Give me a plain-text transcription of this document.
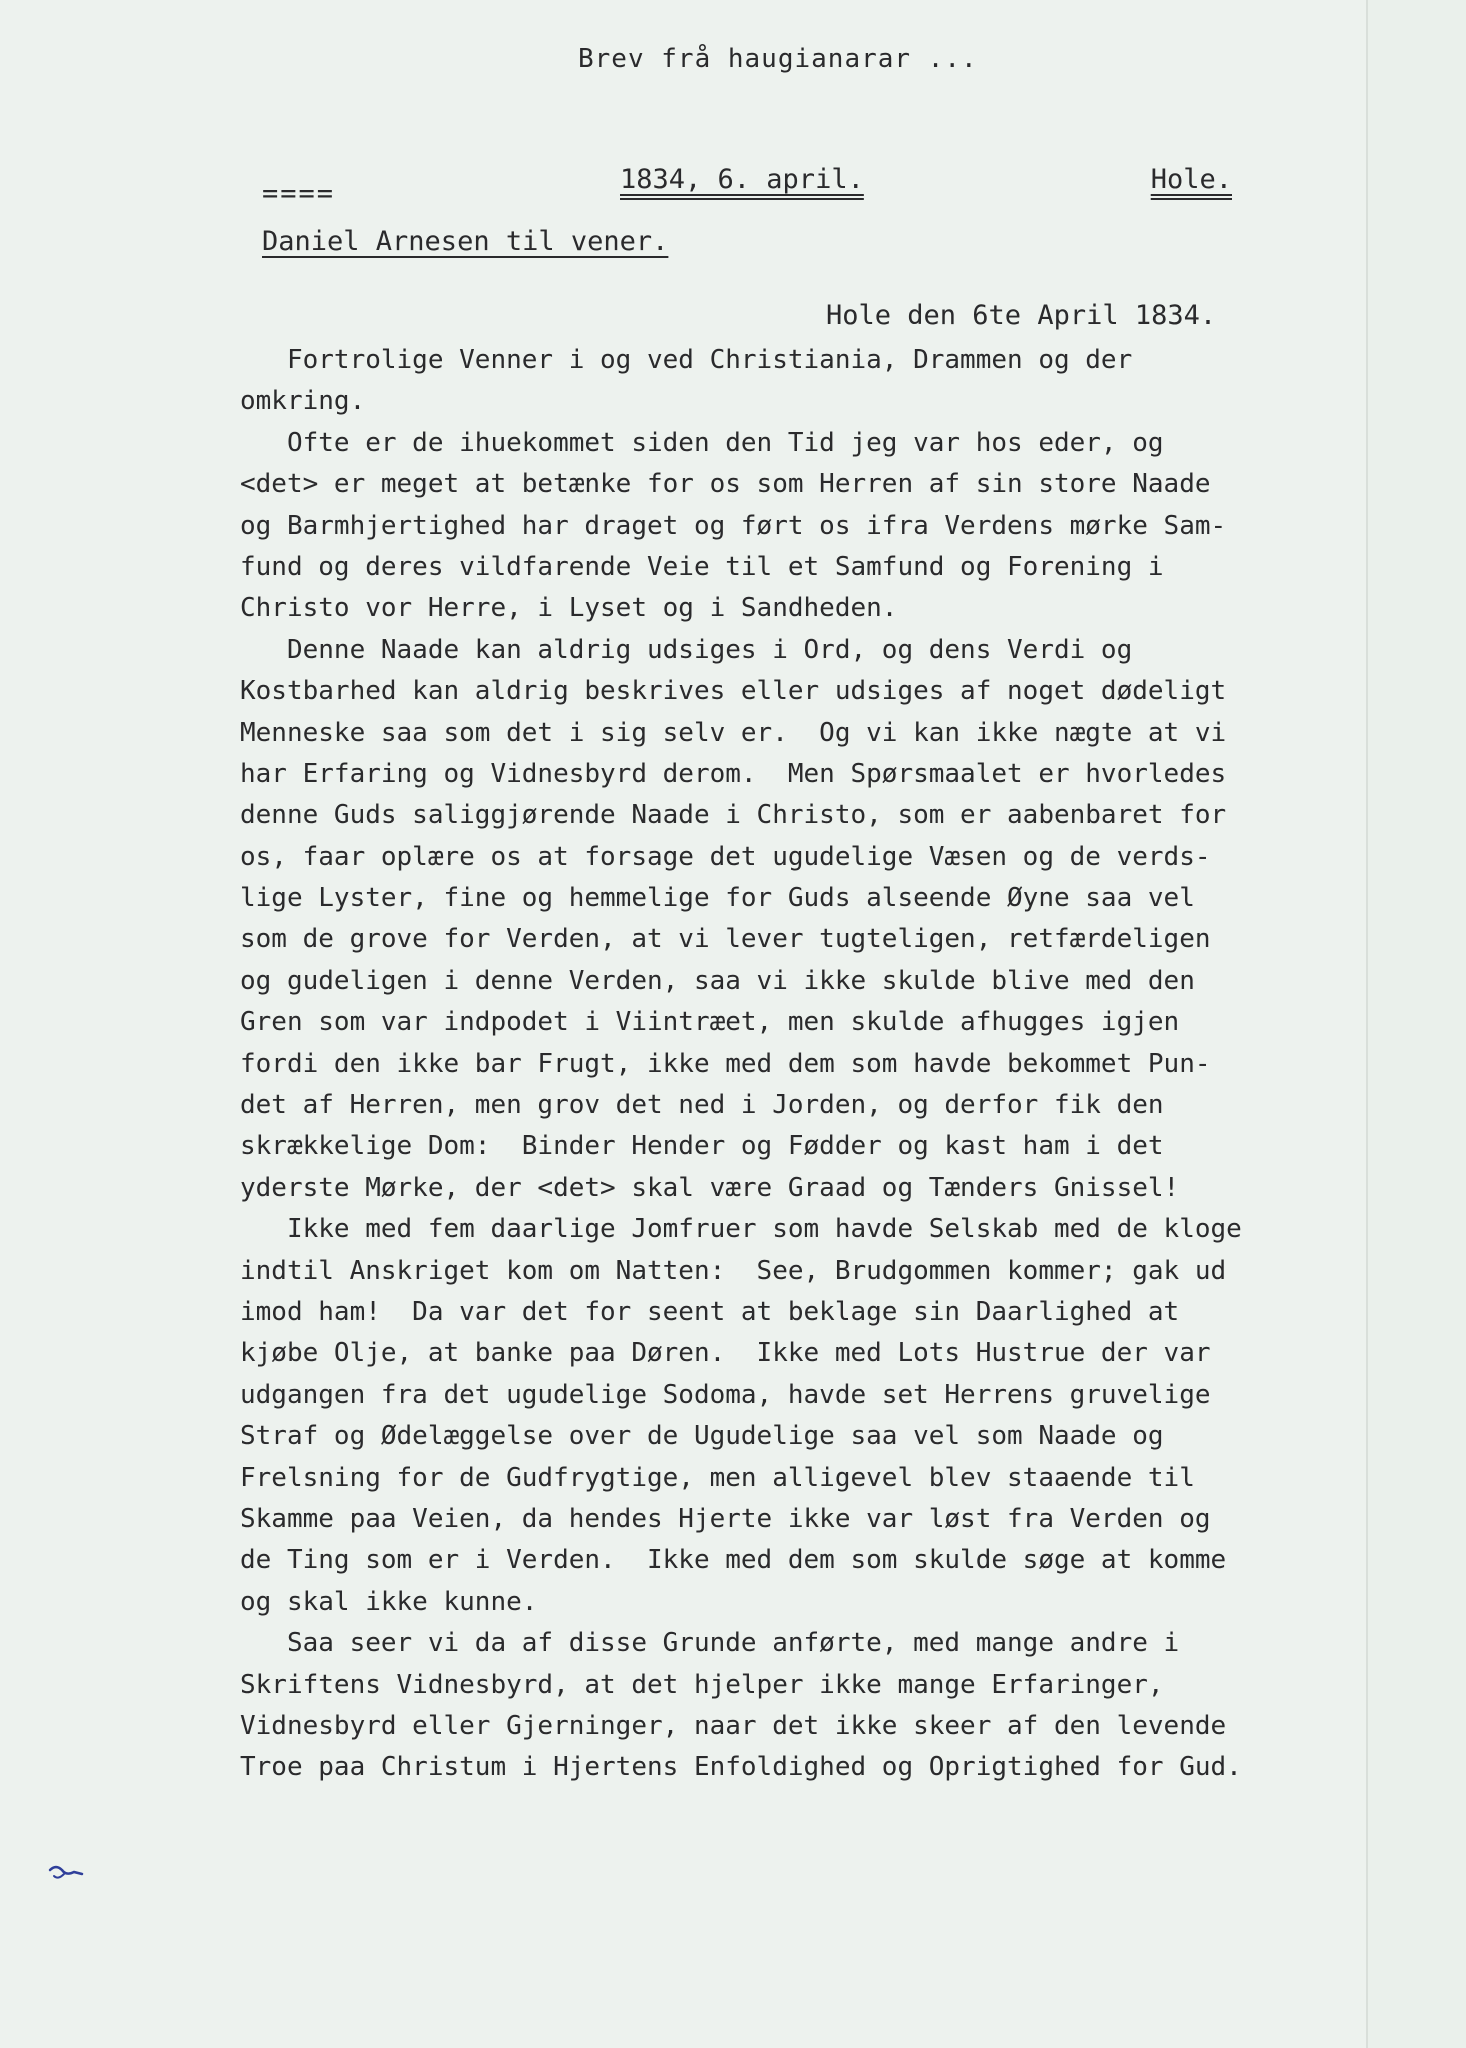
Brev frå haugianarar ...
====	1834, 6. april.	Hole.
Daniel Arnesen til vener.
Hole den 6te April 1834.
Fortrolige Venner i og ved Christiania, Drammen og der
omkring.
Ofte er de ihuekommet siden den Tid jeg var hos eder, og
<det> er meget at betænke for os som Herren af sin store Naade
og Barmhjertighed har draget og ført os ifra Verdens mørke Sam-
fund og deres vildfarende Veie til et Samfund og Forening i
Christo vor Herre, i Lyset og i Sandheden.
Denne Naade kan aldrig udsiges i Ord, og dens Verdi og
Kostbarhed kan aldrig beskrives eller udsiges af noget dødeligt
Menneske saa som det i sig selv er.  Og vi kan ikke nægte at vi
har Erfaring og Vidnesbyrd derom.  Men Spørsmaalet er hvorledes
denne Guds saliggjørende Naade i Christo, som er aabenbaret for
os, faar oplære os at forsage det ugudelige Væsen og de verds-
lige Lyster, fine og hemmelige for Guds alseende Øyne saa vel
som de grove for Verden, at vi lever tugteligen, retfærdeligen
og gudeligen i denne Verden, saa vi ikke skulde blive med den
Gren som var indpodet i Viintræet, men skulde afhugges igjen
fordi den ikke bar Frugt, ikke med dem som havde bekommet Pun-
det af Herren, men grov det ned i Jorden, og derfor fik den
skrækkelige Dom:  Binder Hender og Fødder og kast ham i det
yderste Mørke, der <det> skal være Graad og Tænders Gnissel!
Ikke med fem daarlige Jomfruer som havde Selskab med de kloge
indtil Anskriget kom om Natten:  See, Brudgommen kommer; gak ud
imod ham!  Da var det for seent at beklage sin Daarlighed at
kjøbe Olje, at banke paa Døren.  Ikke med Lots Hustrue der var
udgangen fra det ugudelige Sodoma, havde set Herrens gruvelige
Straf og Ødelæggelse over de Ugudelige saa vel som Naade og
Frelsning for de Gudfrygtige, men alligevel blev staaende til
Skamme paa Veien, da hendes Hjerte ikke var løst fra Verden og
de Ting som er i Verden.  Ikke med dem som skulde søge at komme
og skal ikke kunne.
Saa seer vi da af disse Grunde anførte, med mange andre i
Skriftens Vidnesbyrd, at det hjelper ikke mange Erfaringer,
Vidnesbyrd eller Gjerninger, naar det ikke skeer af den levende
Troe paa Christum i Hjertens Enfoldighed og Oprigtighed for Gud.
